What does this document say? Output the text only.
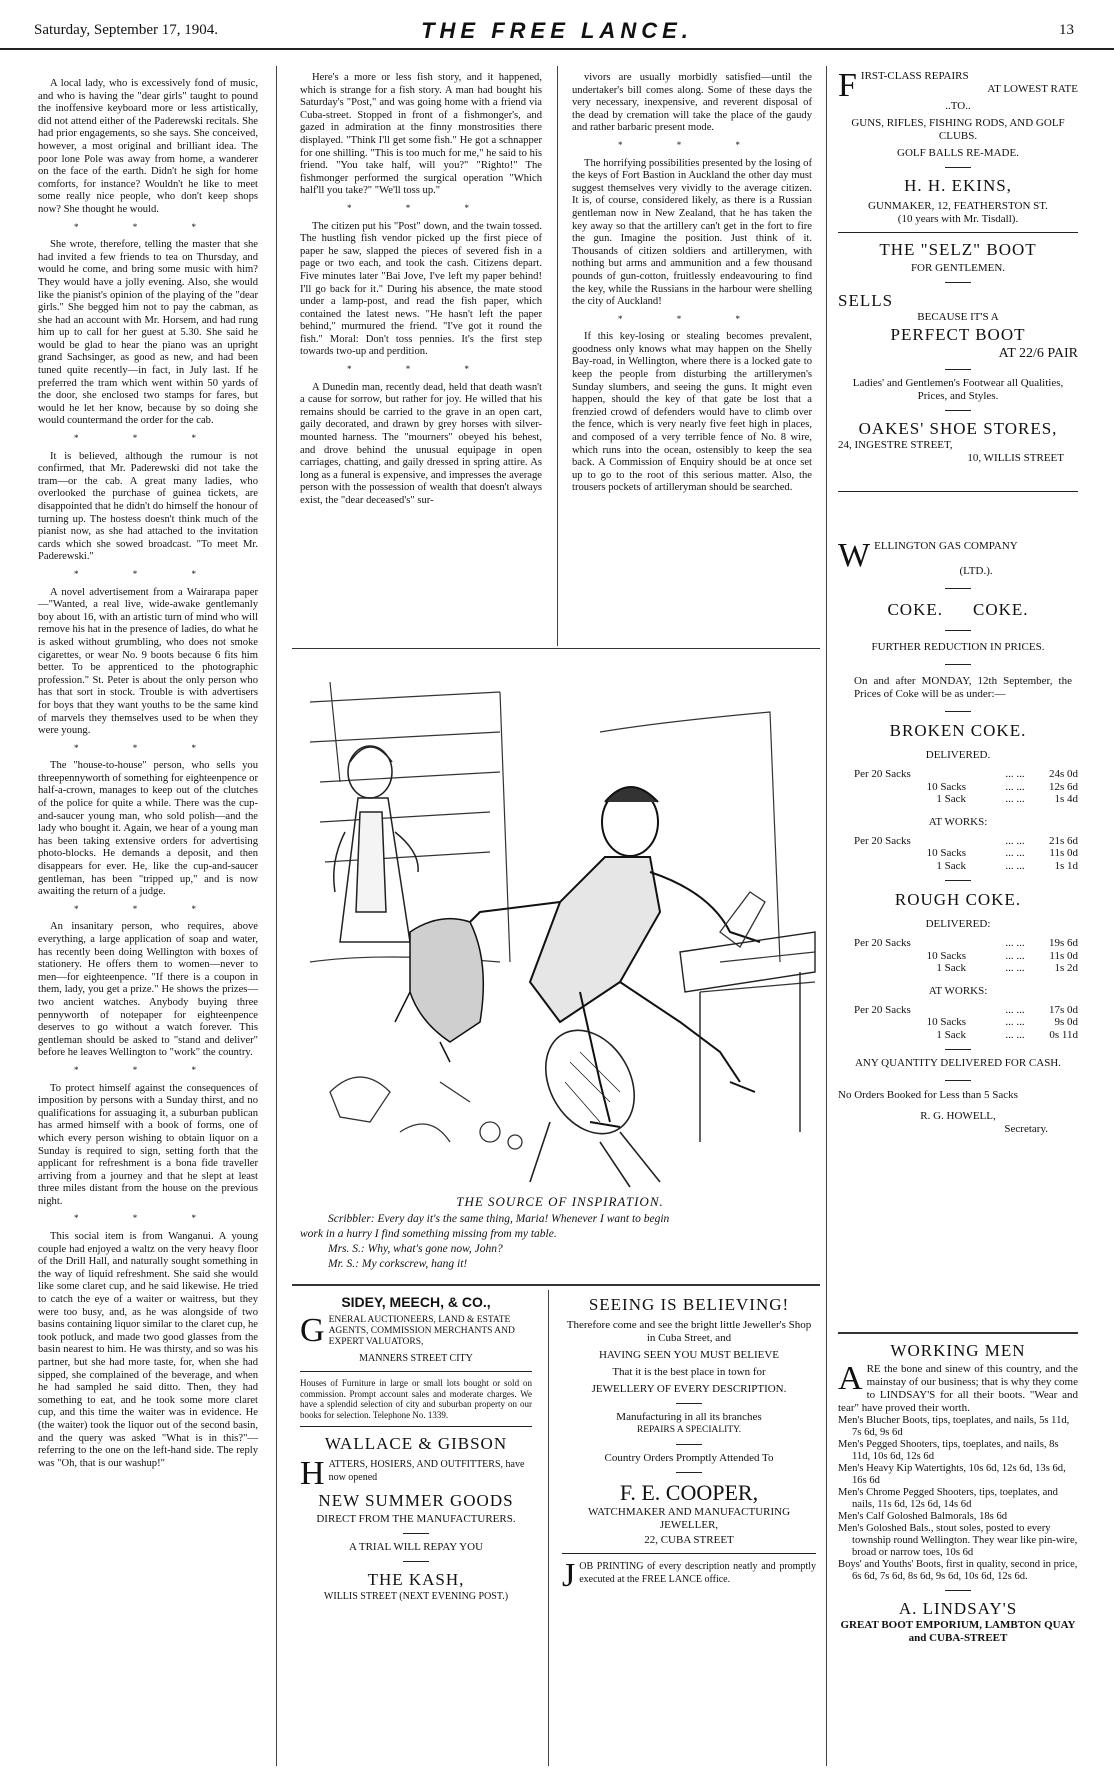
Saturday, September 17, 1904.	THE FREE LANCE.	13

A local lady, who is excessively fond of music, and who is having the "dear girls" taught to pound the inoffensive keyboard more or less artistically, did not attend either of the Paderewski recitals. She had prior engagements, so she says. She conceived, however, a most original and brilliant idea. The poor lone Pole was away from home, a wanderer on the face of the earth. Didn't he sigh for home comforts, for instance? Wouldn't he like to meet some really nice people, who don't keep shops now? She thought he would.

* * *

She wrote, therefore, telling the master that she had invited a few friends to tea on Thursday, and would he come, and bring some music with him? They would have a jolly evening. Also, she would like the pianist's opinion of the playing of the "dear girls." She begged him not to pay the cabman, as she had an account with Mr. Horsem, and had rung him up to call for her guest at 5.30. She said he would be glad to hear the piano was an upright grand Sachsinger, as good as new, and had been tuned quite recently—in fact, in July last. If he preferred the tram which went within 50 yards of the door, she enclosed two stamps for fares, but would he let her know, because by so doing she would countermand the order for the cab.

* * *

It is believed, although the rumour is not confirmed, that Mr. Paderewski did not take the tram—or the cab. A great many ladies, who overlooked the purchase of guinea tickets, are disappointed that he didn't do himself the honour of turning up. The hostess doesn't think much of the pianist now, as she had attached to the invitation cards which she sowed broadcast. "To meet Mr. Paderewski."

* * *

A novel advertisement from a Wairarapa paper —"Wanted, a real live, wide-awake gentlemanly boy about 16, with an artistic turn of mind who will remove his hat in the presence of ladies, do what he is asked without grumbling, who does not smoke cigarettes, or wear No. 9 boots because 6 fits him better. To be apprenticed to the photographic profession." St. Peter is about the only person who has that sort in stock. Trouble is with advertisers for boys that they want youths to be the same kind of marvels they themselves used to be when they were young.

* * *

The "house-to-house" person, who sells you threepennyworth of something for eighteenpence or half-a-crown, manages to keep out of the clutches of the police for quite a while. There was the cup-and-saucer young man, who sold polish—and the lady who bought it. Again, we hear of a young man has been taking extensive orders for advertising photo-blocks. He demands a deposit, and then disappears for ever. He, like the cup-and-saucer gentleman, has been "tripped up," and is now awaiting the return of a judge.

* * *

An insanitary person, who requires, above everything, a large application of soap and water, has recently been doing Wellington with boxes of stationery. He offers them to women—never to men—for eighteenpence. "If there is a coupon in them, lady, you get a prize." He shows the prizes—two ancient watches. Anybody buying three pennyworth of notepaper for eighteenpence deserves to go without a watch forever. This gentleman should be asked to "stand and deliver" before he leaves Wellington to "work" the country.

* * *

To protect himself against the consequences of imposition by persons with a Sunday thirst, and no qualifications for assuaging it, a suburban publican has armed himself with a book of forms, one of which every person wishing to obtain liquor on a Sunday is required to sign, setting forth that the applicant for refreshment is a bona fide traveller arriving from a journey and that he slept at least three miles distant from the house on the previous night.

* * *

This social item is from Wanganui. A young couple had enjoyed a waltz on the very heavy floor of the Drill Hall, and naturally sought something in the way of liquid refreshment. She said she would like some claret cup, and he said likewise. He tried to catch the eye of a waiter or waitress, but they were too busy, and, as he was alongside of two basins containing liquor similar to the claret cup, he took potluck, and made two good glasses from the basin nearest to him. He was thirsty, and so was his partner, but she had more taste, for, when she had sipped, she complained of the beverage, and when he had sampled he said ditto. Then, they had something to eat, and he took some more claret cup, and this time the waiter was in evidence. He (the waiter) took the liquor out of the second basin, and the query was asked "What is in this?"—referring to the one on the left-hand side. The reply was "Oh, that is our washup!"

Here's a more or less fish story, and it happened, which is strange for a fish story. A man had bought his Saturday's "Post," and was going home with a friend via Cuba-street. Stopped in front of a fishmonger's, and gazed in admiration at the finny monstrosities there displayed. "Think I'll get some fish." He got a schnapper for one shilling. "This is too much for me," he said to his friend. "You take half, will you?" "Righto!" The fishmonger performed the surgical operation "Which half'll you take?" "We'll toss up."

* * *

The citizen put his "Post" down, and the twain tossed. The hustling fish vendor picked up the first piece of paper he saw, slapped the pieces of severed fish in a page or two each, and took the cash. Citizens depart. Five minutes later "Bai Jove, I've left my paper behind! I'll go back for it." During his absence, the mate stood under a lamp-post, and read the fish paper, which contained the latest news. "He hasn't left the paper behind," murmured the friend. "I've got it round the fish." Moral: Don't toss pennies. It's the first step towards two-up and perdition.

* * *

A Dunedin man, recently dead, held that death wasn't a cause for sorrow, but rather for joy. He willed that his remains should be carried to the grave in an open cart, gaily decorated, and drawn by grey horses with silver-mounted harness. The "mourners" obeyed his behest, and drove behind the unusual equipage in open carriages, chatting, and gaily dressed in spring attire. As long as a funeral is expensive, and impresses the average person with the possession of wealth that doesn't always exist, the "dear deceased's" sur-

vivors are usually morbidly satisfied—until the undertaker's bill comes along. Some of these days the very necessary, inexpensive, and reverent disposal of the dead by cremation will take the place of the gaudy and rather barbaric present mode.

* * *

The horrifying possibilities presented by the losing of the keys of Fort Bastion in Auckland the other day must suggest themselves very vividly to the average citizen. It is, of course, considered likely, as there is a Russian gentleman now in New Zealand, that he has taken the key away so that the artillery can't get in the fort to fire the gun. Imagine the position. Just think of it. Thousands of citizen soldiers and artillerymen, with nothing but arms and ammunition and a few thousand pounds of gun-cotton, fruitlessly endeavouring to find the key, while the Russians in the harbour were shelling the city of Auckland!

* * *

If this key-losing or stealing becomes prevalent, goodness only knows what may happen on the Shelly Bay-road, in Wellington, where there is a locked gate to keep the people from disturbing the artillerymen's Sunday slumbers, and seeing the guns. It might even happen, should the key of that gate be lost that a frenzied crowd of defenders would have to climb over the fence, which is very nearly five feet high in places, and composed of a very terrible fence of No. 8 wire, which runs into the ocean, ostensibly to keep the sea back. A Commission of Enquiry should be at once set up to go to the root of this serious matter. Also, the trousers pockets of artilleryman should be searched.

THE SOURCE OF INSPIRATION.
Scribbler: Every day it's the same thing, Maria! Whenever I want to begin
work in a hurry I find something missing from my table.
Mrs. S.: Why, what's gone now, John?
Mr. S.: My corkscrew, hang it!
FIRST-CLASS REPAIRS
AT LOWEST RATE
..TO..
GUNS, RIFLES, FISHING RODS, AND GOLF CLUBS.
GOLF BALLS RE-MADE.
H. H. EKINS,
GUNMAKER, 12, FEATHERSTON ST.
(10 years with Mr. Tisdall).
THE "SELZ" BOOT
FOR GENTLEMEN.
SELLS
BECAUSE IT'S A
PERFECT BOOT
AT 22/6 PAIR
Ladies' and Gentlemen's Footwear all Qualities, Prices, and Styles.
OAKES' SHOE STORES,
24, INGESTRE STREET,
10, WILLIS STREET
WELLINGTON GAS COMPANY
(LTD.).
COKE. COKE.
FURTHER REDUCTION IN PRICES.
On and after MONDAY, 12th September, the Prices of Coke will be as under:—
BROKEN COKE.
DELIVERED.
Per 20 Sacks	... ...	24s 0d
10 Sacks	... ...	12s 6d
1 Sack	... ...	1s 4d
AT WORKS:
Per 20 Sacks	... ...	21s 6d
10 Sacks	... ...	11s 0d
1 Sack	... ...	1s 1d
ROUGH COKE.
DELIVERED:
Per 20 Sacks	... ...	19s 6d
10 Sacks	... ...	11s 0d
1 Sack	... ...	1s 2d
AT WORKS:
Per 20 Sacks	... ...	17s 0d
10 Sacks	... ...	9s 0d
1 Sack	... ...	0s 11d
ANY QUANTITY DELIVERED FOR CASH.
No Orders Booked for Less than 5 Sacks
R. G. HOWELL,
Secretary.
WORKING MEN
ARE the bone and sinew of this country, and the mainstay of our business; that is why they come to LINDSAY'S for all their boots. "Wear and tear" have proved their worth.
Men's Blucher Boots, tips, toeplates, and nails, 5s 11d, 7s 6d, 9s 6d
Men's Pegged Shooters, tips, toeplates, and nails, 8s 11d, 10s 6d, 12s 6d
Men's Heavy Kip Watertights, 10s 6d, 12s 6d, 13s 6d, 16s 6d
Men's Chrome Pegged Shooters, tips, toeplates, and nails, 11s 6d, 12s 6d, 14s 6d
Men's Calf Goloshed Balmorals, 18s 6d
Men's Goloshed Bals., stout soles, posted to every township round Wellington. They wear like pin-wire, broad or narrow toes, 10s 6d
Boys' and Youths' Boots, first in quality, second in price, 6s 6d, 7s 6d, 8s 6d, 9s 6d, 10s 6d, 12s 6d.
A. LINDSAY'S
GREAT BOOT EMPORIUM, LAMBTON QUAY and CUBA-STREET
SIDEY, MEECH, & CO.,
GENERAL AUCTIONEERS, LAND & ESTATE AGENTS, COMMISSION MERCHANTS AND EXPERT VALUATORS,
MANNERS STREET CITY
Houses of Furniture in large or small lots bought or sold on commission. Prompt account sales and moderate charges. We have a splendid selection of city and suburban property on our books for selection. Telephone No. 1339.
WALLACE & GIBSON
HATTERS, HOSIERS, AND OUTFITTERS, have now opened
NEW SUMMER GOODS
DIRECT FROM THE MANUFACTURERS.
A TRIAL WILL REPAY YOU
THE KASH,
WILLIS STREET (NEXT EVENING POST.)
SEEING IS BELIEVING!
Therefore come and see the bright little Jeweller's Shop in Cuba Street, and
HAVING SEEN YOU MUST BELIEVE
That it is the best place in town for
JEWELLERY OF EVERY DESCRIPTION.
Manufacturing in all its branches
REPAIRS A SPECIALITY.
Country Orders Promptly Attended To
F. E. COOPER,
WATCHMAKER AND MANUFACTURING JEWELLER,
22, CUBA STREET
JOB PRINTING of every description neatly and promptly executed at the FREE LANCE office.
